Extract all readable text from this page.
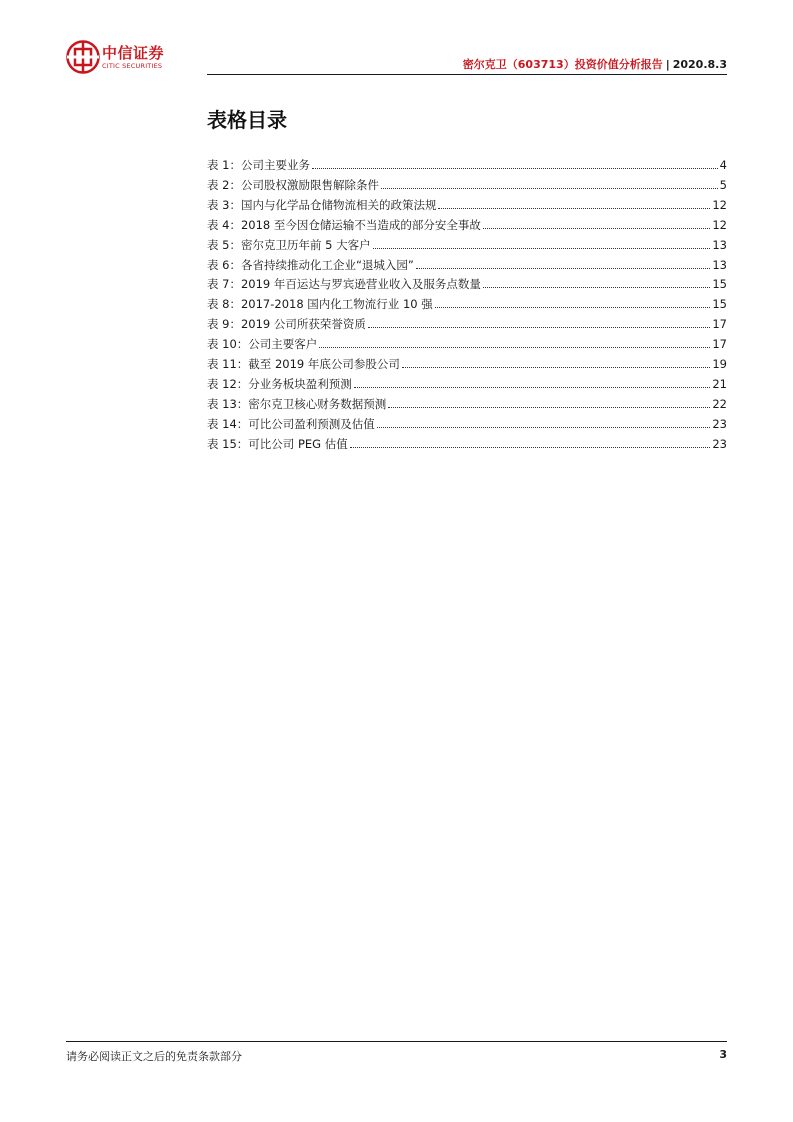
中信证券
CITIC SECURITIES	密尔克卫（603713）投资价值分析报告 | 2020.8.3
表格目录
表 1：公司主要业务	4
表 2：公司股权激励限售解除条件	5
表 3：国内与化学品仓储物流相关的政策法规	12
表 4：2018 至今因仓储运输不当造成的部分安全事故	12
表 5：密尔克卫历年前 5 大客户	13
表 6：各省持续推动化工企业“退城入园”	13
表 7：2019 年百运达与罗宾逊营业收入及服务点数量	15
表 8：2017-2018 国内化工物流行业 10 强	15
表 9：2019 公司所获荣誉资质	17
表 10：公司主要客户	17
表 11：截至 2019 年底公司参股公司	19
表 12：分业务板块盈利预测	21
表 13：密尔克卫核心财务数据预测	22
表 14：可比公司盈利预测及估值	23
表 15：可比公司 PEG 估值	23
请务必阅读正文之后的免责条款部分	3
